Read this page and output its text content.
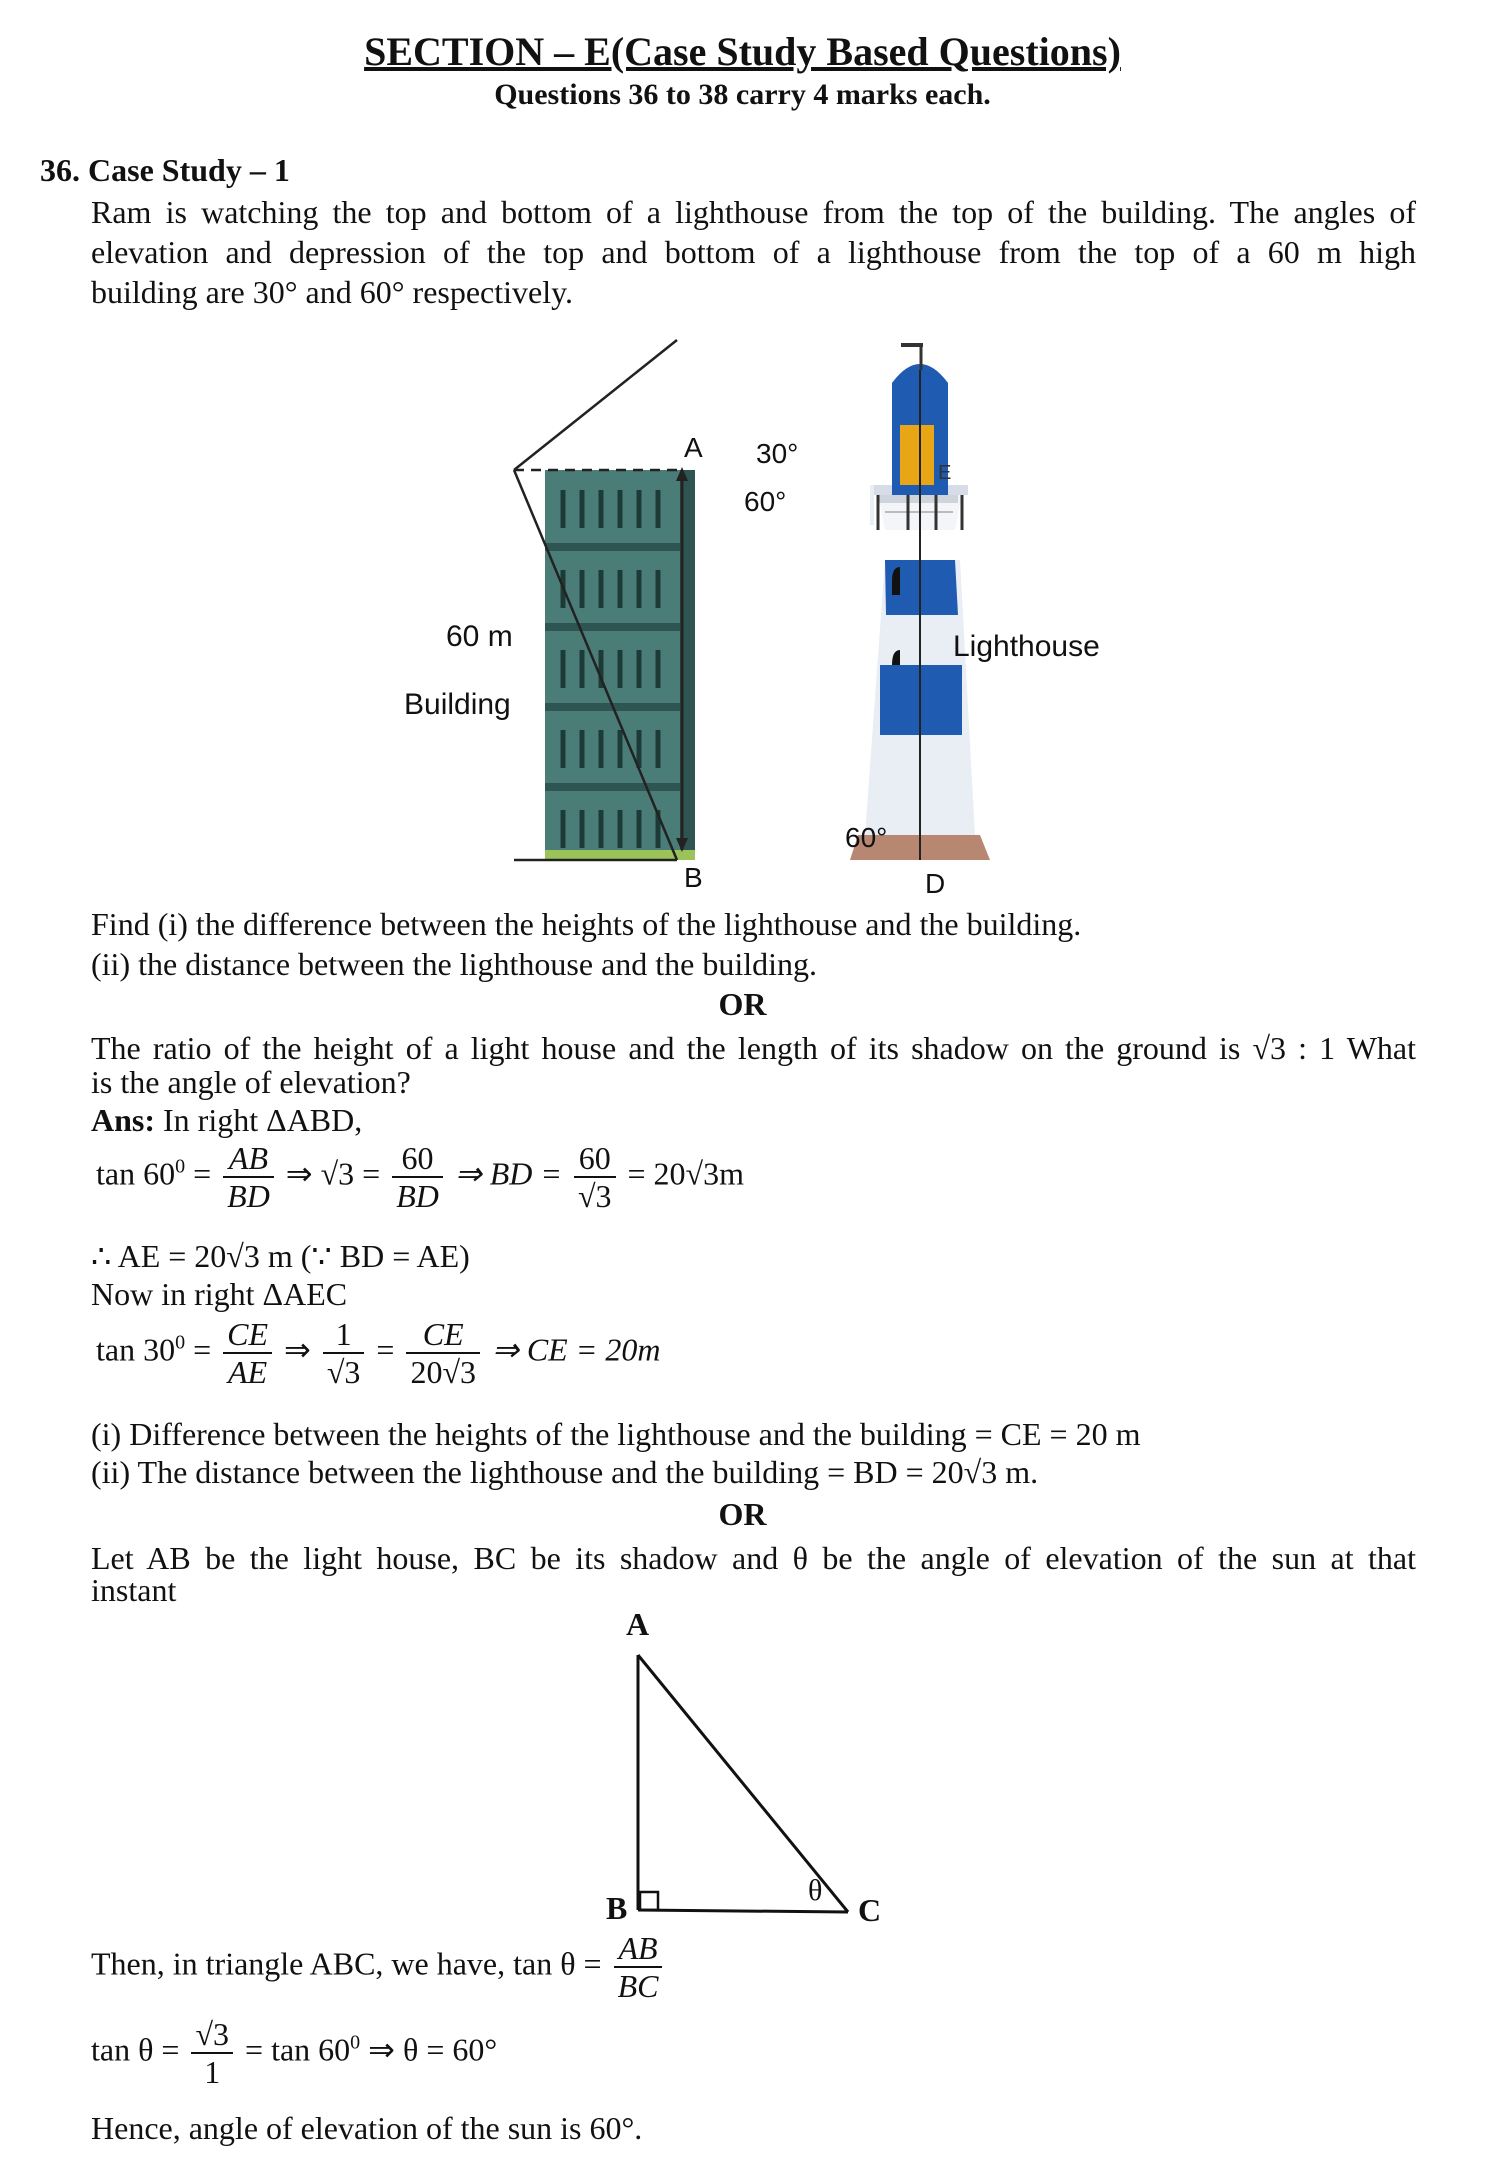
SECTION – E(Case Study Based Questions)
Questions 36 to 38 carry 4 marks each.
36. Case Study – 1
Ram is watching the top and bottom of a lighthouse from the top of the building. The angles of
elevation and depression of the top and bottom of a lighthouse from the top of a 60 m high
building are 30° and 60° respectively.
A
B	D
E
30°
60°
60°
60 m
Building
Lighthouse
Find (i) the difference between the heights of the lighthouse and the building.
(ii) the distance between the lighthouse and the building.
OR
The ratio of the height of a light house and the length of its shadow on the ground is √3 : 1 What
is the angle of elevation?
Ans: In right ΔABD,
$\tan 60^0 = \frac{AB}{BD}$ ⇒ $√3 = \frac{60}{BD}$ ⇒ BD = $\frac{60}{√3} = 20√3m$
∴ AE = 20√3 m (∵ BD = AE)
Now in right ΔAEC
$\tan 30^0 = \frac{CE}{AE}$ ⇒ $\frac{1}{√3} = \frac{CE}{20√3}$ ⇒ CE = 20m
(i) Difference between the heights of the lighthouse and the building = CE = 20 m
(ii) The distance between the lighthouse and the building = BD = 20√3 m.
OR
Let AB be the light house, BC be its shadow and θ be the angle of elevation of the sun at that
instant
A
B	C
θ
Then, in triangle ABC, we have, $\tan \theta = \frac{AB}{BC}$
$\tan \theta = \frac{√3}{1} = \tan 60^0$ ⇒ θ = 60°
Hence, angle of elevation of the sun is 60°.
